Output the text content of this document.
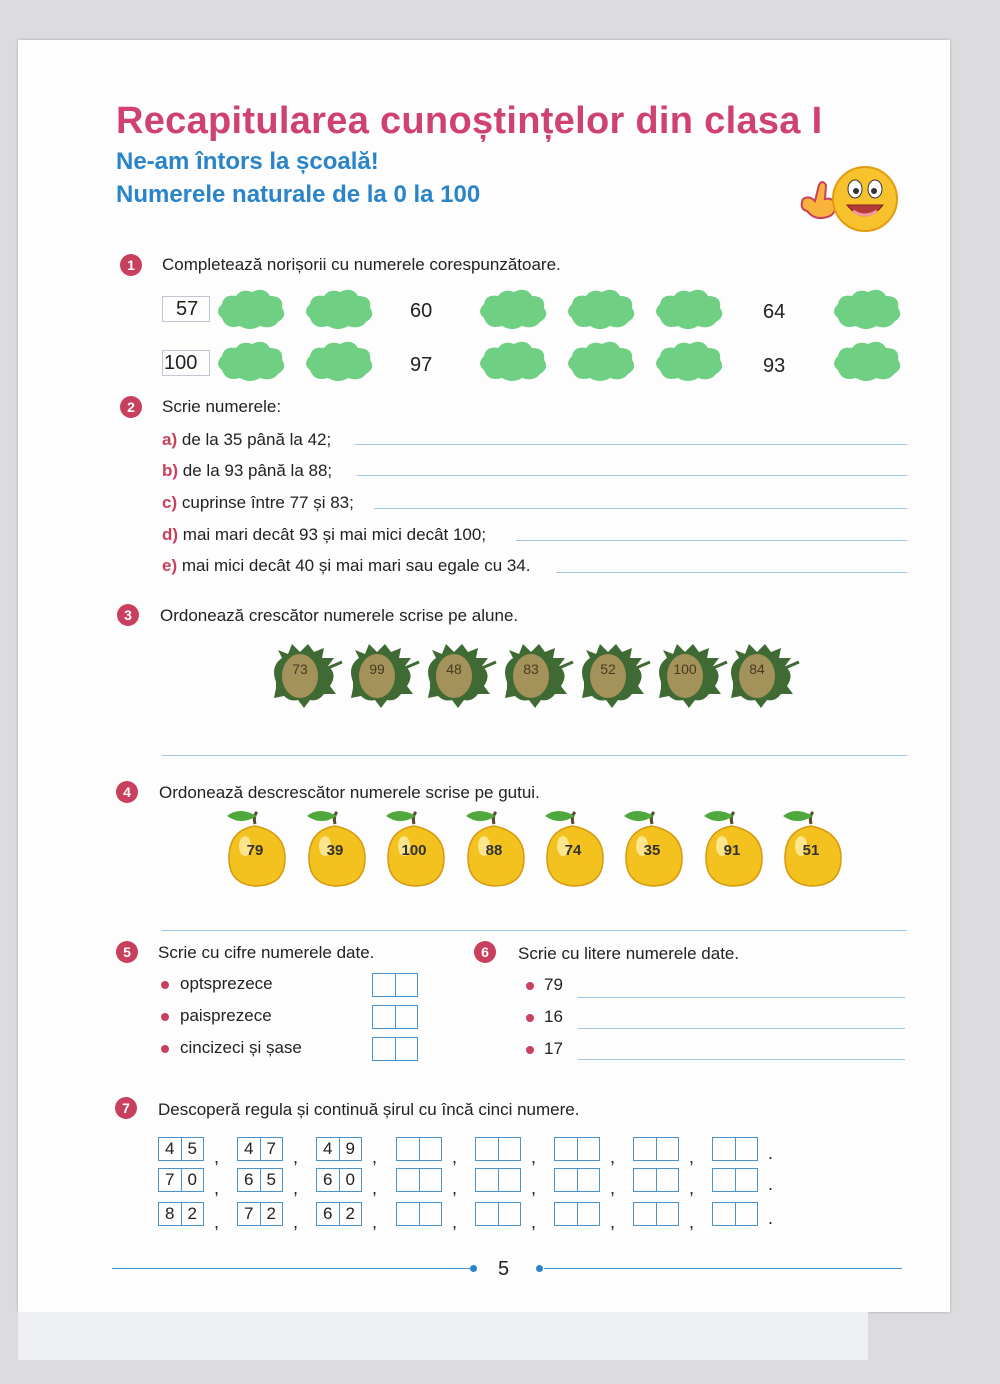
Recapitularea cunoștințelor din clasa I
Ne-am întors la școală!
Numerele naturale de la 0 la 100
1	Completează norișorii cu numerele corespunzătoare.
57	60	64
100	97	93
2	Scrie numerele:
a) de la 35 până la 42;
b) de la 93 până la 88;
c) cuprinse între 77 și 83;
d) mai mari decât 93 și mai mici decât 100;
e) mai mici decât 40 și mai mari sau egale cu 34.
3	Ordonează crescător numerele scrise pe alune.
73	99	48	83	52	100	84
4	Ordonează descrescător numerele scrise pe gutui.
79	39	100	88	74	35	91	51
5	Scrie cu cifre numerele date.
optsprezece
paisprezece
cincizeci și șase
6	Scrie cu litere numerele date.
79
16
17
7	Descoperă regula și continuă șirul cu încă cinci numere.
4 5 ,	4 7 ,	4 9 ,	,	,	,	,	.
7 0 ,	6 5 ,	6 0 ,	,	,	,	,	.
8 2 ,	7 2 ,	6 2 ,	,	,	,	,	.
5
